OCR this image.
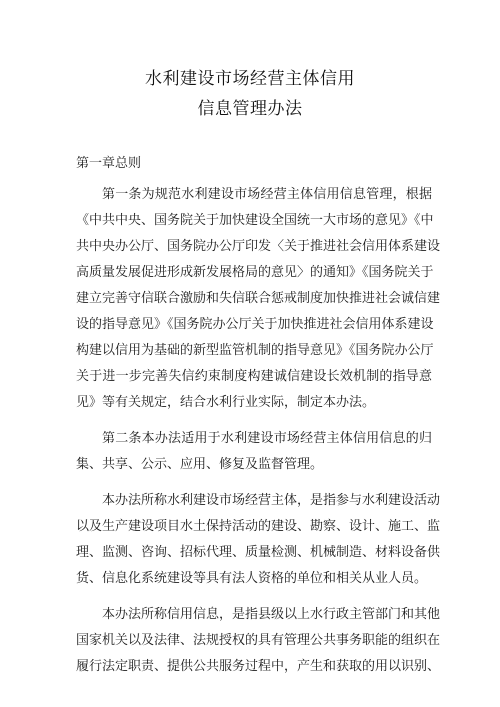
水利建设市场经营主体信用
信息管理办法
第一章总则
第一条为规范水利建设市场经营主体信用信息管理，根据
《中共中央、国务院关于加快建设全国统一大市场的意见》《中
共中央办公厅、国务院办公厅印发〈关于推进社会信用体系建设
高质量发展促进形成新发展格局的意见〉的通知》《国务院关于
建立完善守信联合激励和失信联合惩戒制度加快推进社会诚信建
设的指导意见》《国务院办公厅关于加快推进社会信用体系建设
构建以信用为基础的新型监管机制的指导意见》《国务院办公厅
关于进一步完善失信约束制度构建诚信建设长效机制的指导意
见》等有关规定，结合水利行业实际，制定本办法。
第二条本办法适用于水利建设市场经营主体信用信息的归
集、共享、公示、应用、修复及监督管理。
本办法所称水利建设市场经营主体，是指参与水利建设活动
以及生产建设项目水土保持活动的建设、勘察、设计、施工、监
理、监测、咨询、招标代理、质量检测、机械制造、材料设备供
货、信息化系统建设等具有法人资格的单位和相关从业人员。
本办法所称信用信息，是指县级以上水行政主管部门和其他
国家机关以及法律、法规授权的具有管理公共事务职能的组织在
履行法定职责、提供公共服务过程中，产生和获取的用以识别、
